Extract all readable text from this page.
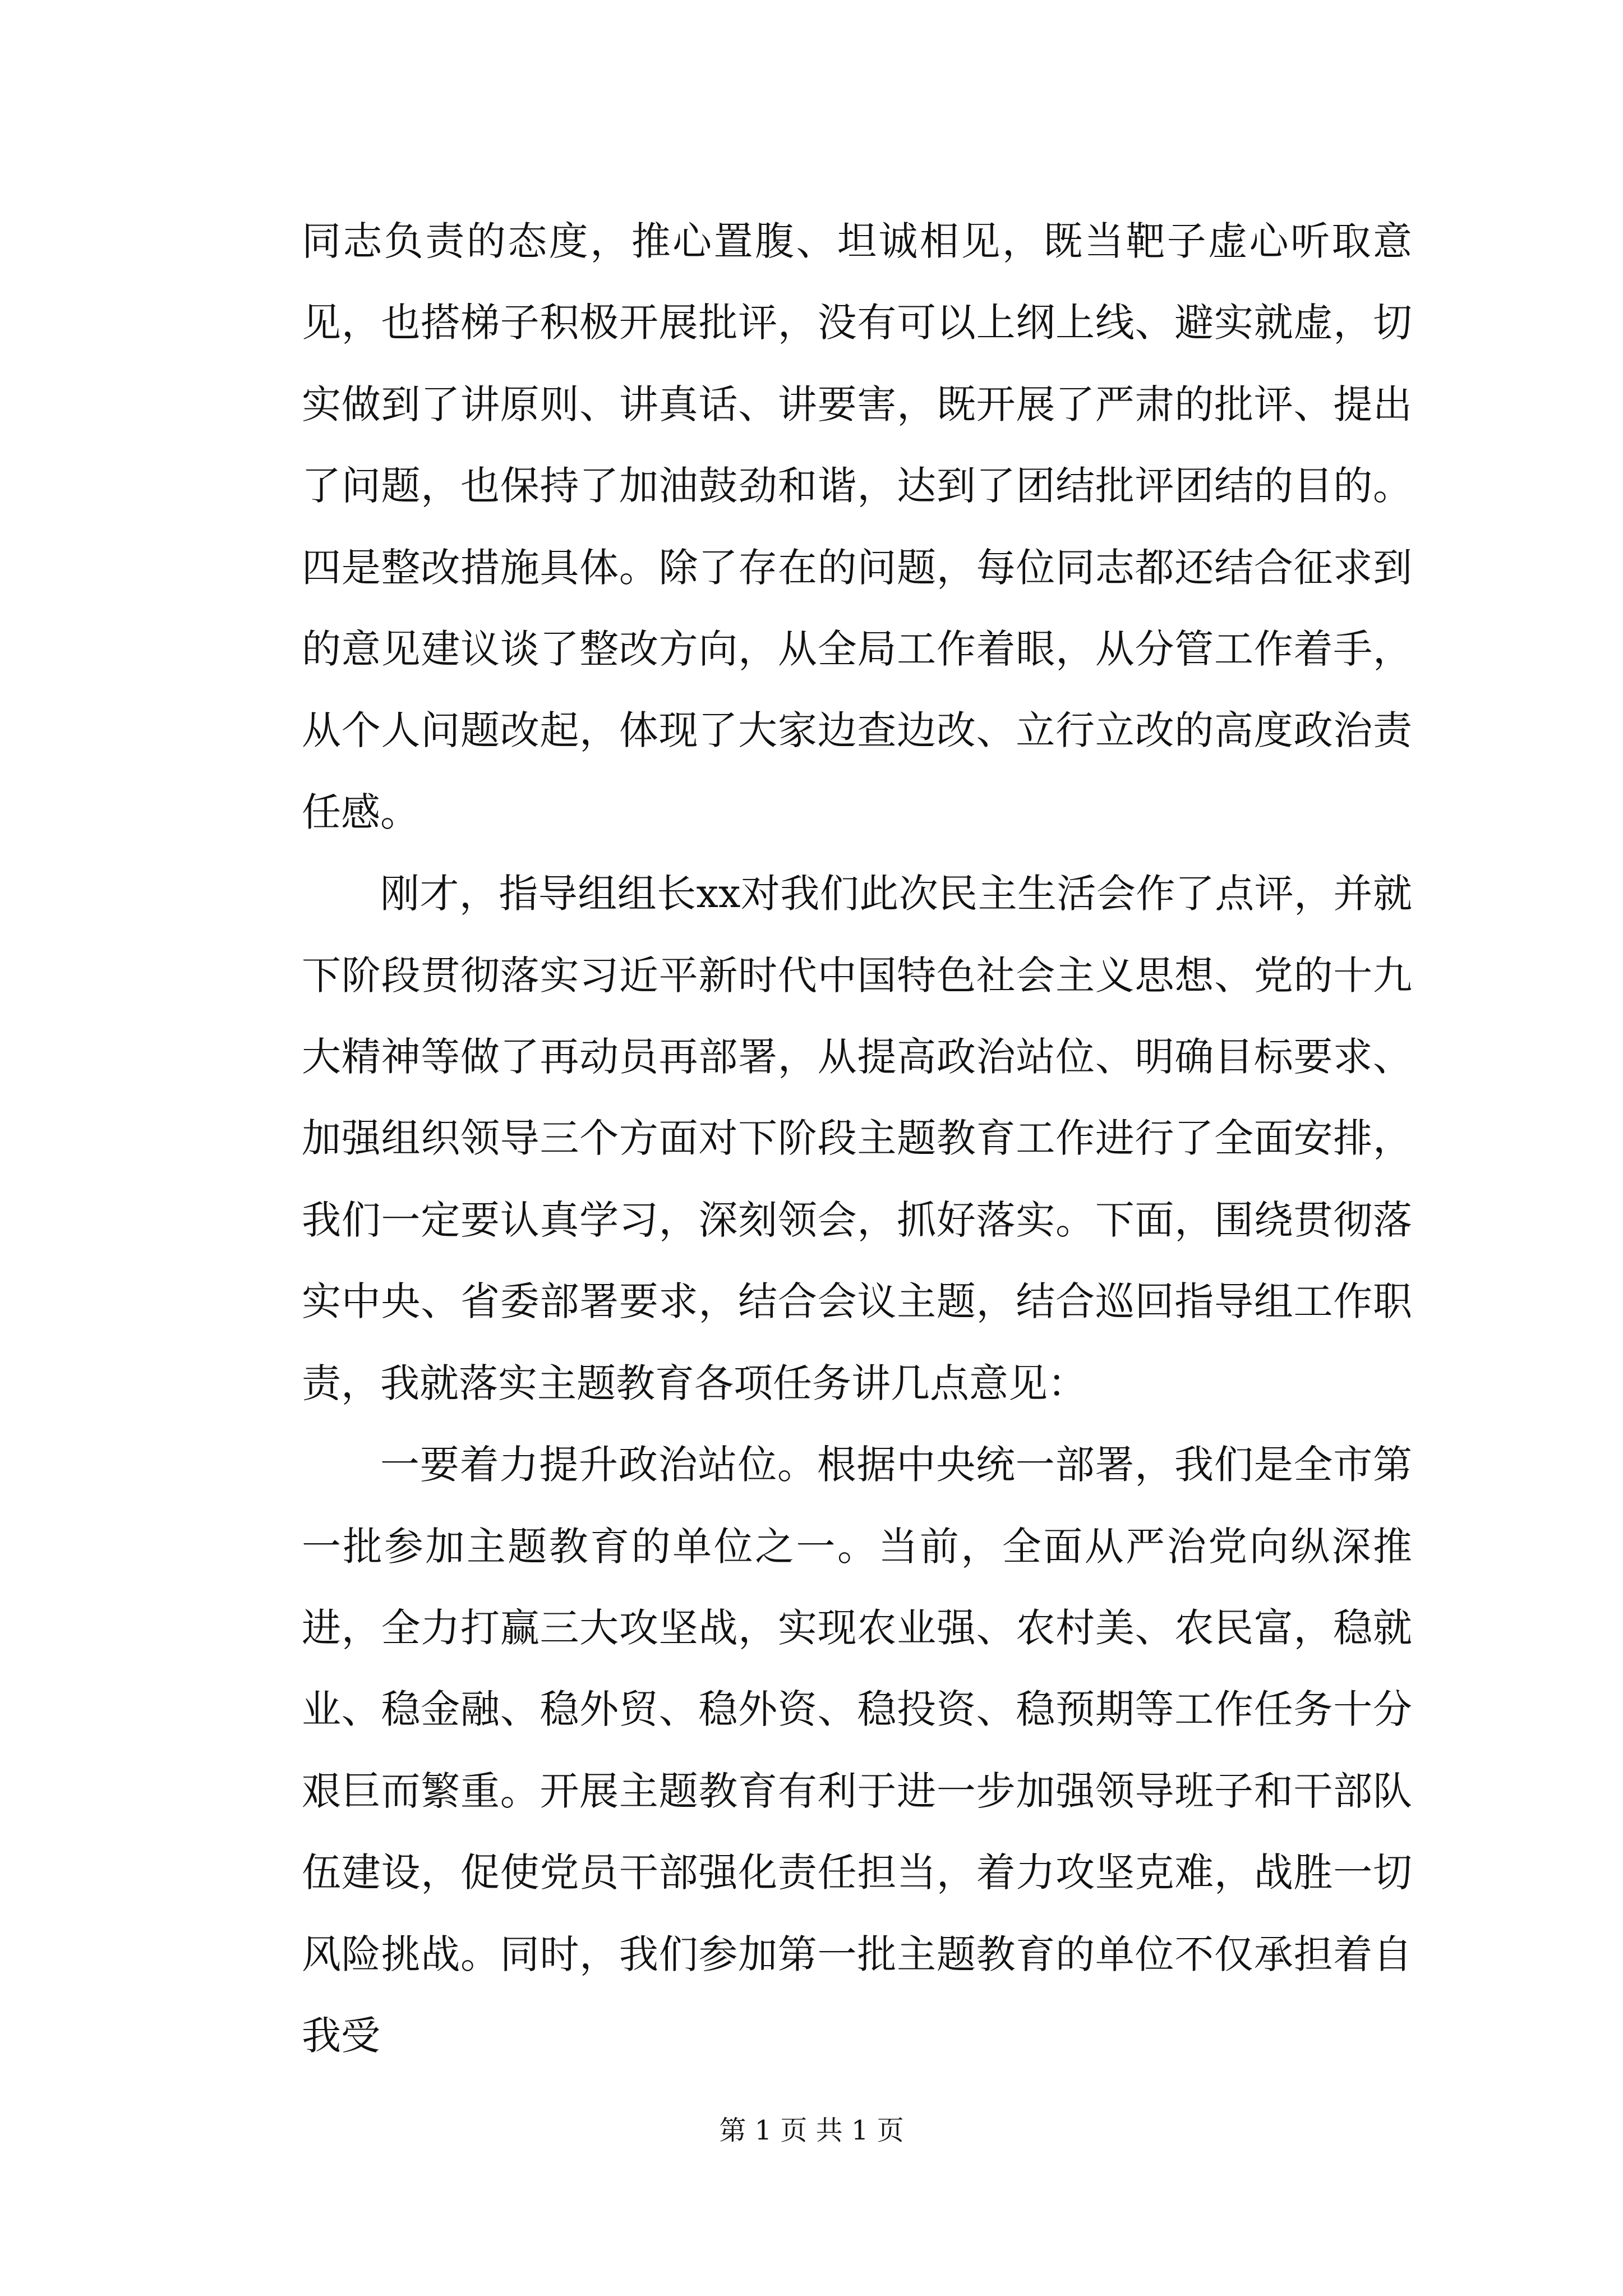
同志负责的态度，推心置腹、坦诚相见，既当靶子虚心听取意见，也搭梯子积极开展批评，没有可以上纲上线、避实就虚，切实做到了讲原则、讲真话、讲要害，既开展了严肃的批评、提出了问题，也保持了加油鼓劲和谐，达到了团结批评团结的目的。四是整改措施具体。除了存在的问题，每位同志都还结合征求到的意见建议谈了整改方向，从全局工作着眼，从分管工作着手，从个人问题改起，体现了大家边查边改、立行立改的高度政治责任感。

刚才，指导组组长xx对我们此次民主生活会作了点评，并就下阶段贯彻落实习近平新时代中国特色社会主义思想、党的十九大精神等做了再动员再部署，从提高政治站位、明确目标要求、加强组织领导三个方面对下阶段主题教育工作进行了全面安排，我们一定要认真学习，深刻领会，抓好落实。下面，围绕贯彻落实中央、省委部署要求，结合会议主题，结合巡回指导组工作职责，我就落实主题教育各项任务讲几点意见：

一要着力提升政治站位。根据中央统一部署，我们是全市第一批参加主题教育的单位之一。当前，全面从严治党向纵深推进，全力打赢三大攻坚战，实现农业强、农村美、农民富，稳就业、稳金融、稳外贸、稳外资、稳投资、稳预期等工作任务十分艰巨而繁重。开展主题教育有利于进一步加强领导班子和干部队伍建设，促使党员干部强化责任担当，着力攻坚克难，战胜一切风险挑战。同时，我们参加第一批主题教育的单位不仅承担着自我受

第 1 页 共 1 页
